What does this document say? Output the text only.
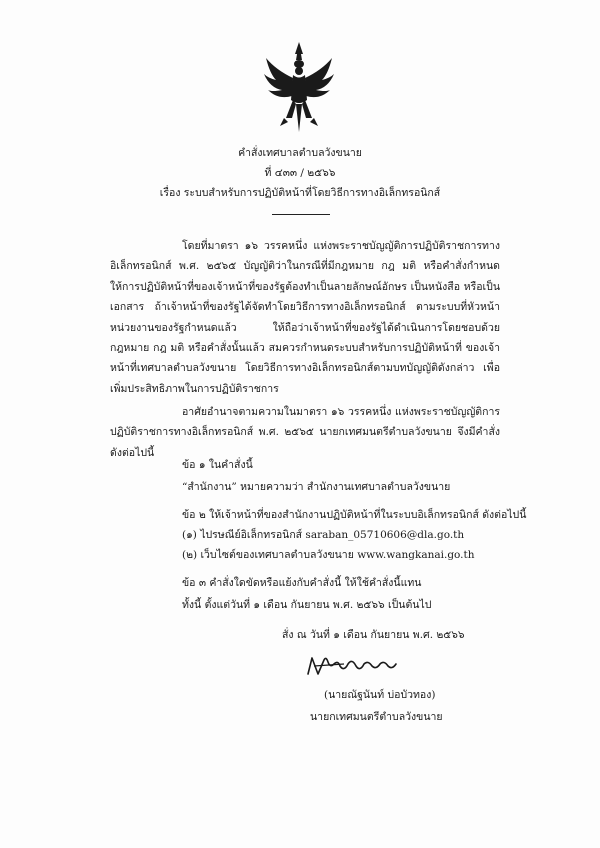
คำสั่งเทศบาลตำบลวังขนาย
ที่ ๔๓๓ / ๒๕๖๖
เรื่อง ระบบสำหรับการปฏิบัติหน้าที่โดยวิธีการทางอิเล็กทรอนิกส์

โดยที่มาตรา ๑๖ วรรคหนึ่ง แห่งพระราชบัญญัติการปฏิบัติราชการทางอิเล็กทรอนิกส์ พ.ศ. ๒๕๖๕ บัญญัติว่าในกรณีที่มีกฎหมาย กฎ มติ หรือคำสั่งกำหนดให้การปฏิบัติหน้าที่ของเจ้าหน้าที่ของรัฐต้องทำเป็นลายลักษณ์อักษร เป็นหนังสือ หรือเป็นเอกสาร ถ้าเจ้าหน้าที่ของรัฐได้จัดทำโดยวิธีการทางอิเล็กทรอนิกส์ ตามระบบที่หัวหน้าหน่วยงานของรัฐกำหนดแล้ว ให้ถือว่าเจ้าหน้าที่ของรัฐได้ดำเนินการโดยชอบด้วยกฎหมาย กฎ มติ หรือคำสั่งนั้นแล้ว สมควรกำหนดระบบสำหรับการปฏิบัติหน้าที่ ของเจ้าหน้าที่เทศบาลตำบลวังขนาย โดยวิธีการทางอิเล็กทรอนิกส์ตามบทบัญญัติดังกล่าว เพื่อเพิ่มประสิทธิภาพในการปฏิบัติราชการ

อาศัยอำนาจตามความในมาตรา ๑๖ วรรคหนึ่ง แห่งพระราชบัญญัติการปฏิบัติราชการทางอิเล็กทรอนิกส์ พ.ศ. ๒๕๖๕ นายกเทศมนตรีตำบลวังขนาย จึงมีคำสั่ง ดังต่อไปนี้

ข้อ ๑ ในคำสั่งนี้
“สำนักงาน” หมายความว่า สำนักงานเทศบาลตำบลวังขนาย
ข้อ ๒ ให้เจ้าหน้าที่ของสำนักงานปฏิบัติหน้าที่ในระบบอิเล็กทรอนิกส์ ดังต่อไปนี้
(๑) ไปรษณีย์อิเล็กทรอนิกส์ saraban_05710606@dla.go.th
(๒) เว็บไซต์ของเทศบาลตำบลวังขนาย www.wangkanai.go.th
ข้อ ๓ คำสั่งใดขัดหรือแย้งกับคำสั่งนี้ ให้ใช้คำสั่งนี้แทน
ทั้งนี้ ตั้งแต่วันที่ ๑ เดือน กันยายน พ.ศ. ๒๕๖๖ เป็นต้นไป
สั่ง ณ วันที่ ๑ เดือน กันยายน พ.ศ. ๒๕๖๖
(นายณัฐนันท์ บ่อบัวทอง)
นายกเทศมนตรีตำบลวังขนาย
